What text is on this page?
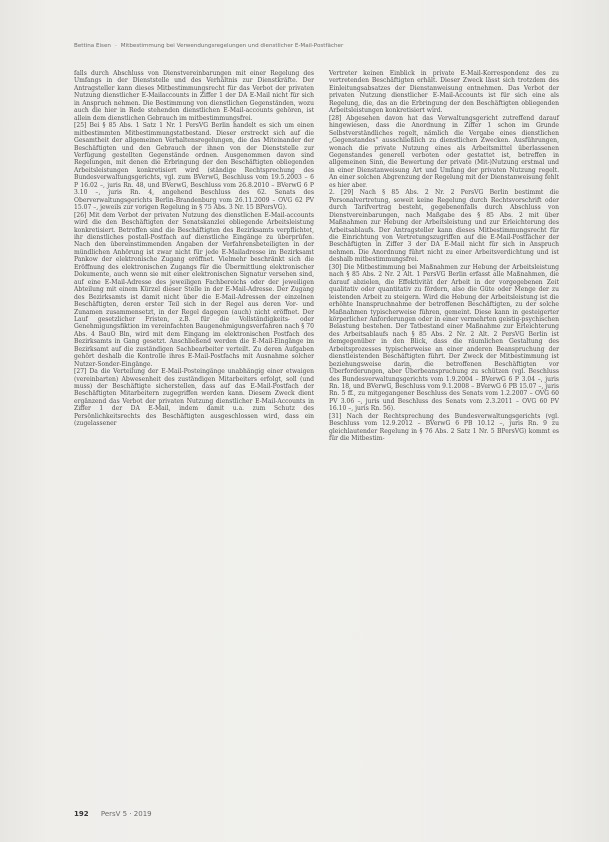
Bettina Eisen · Mitbestimmung bei Verwendungsregelungen und dienstlicher E-Mail-Postfächer

falls durch Abschluss von Dienstvereinbarungen mit einer Regelung des Umfangs in der Dienststelle und des Verhältnis zur Dienstkräfte. Der Antragsteller kann dieses Mitbestimmungsrecht für das Verbot der privaten Nutzung dienstlicher E-Mailaccounts in Ziffer 1 der DA E-Mail nicht für sich in Anspruch nehmen. Die Bestimmung von dienstlichen Gegenständen, wozu auch die hier in Rede stehenden dienstlichen E-Mail-accounts gehören, ist allein dem dienstlichen Gebrauch im mitbestimmungsfrei.

[25] Bei § 85 Abs. 1 Satz 1 Nr. 1 PersVG Berlin handelt es sich um einen mitbestimmten Mitbestimmungstatbestand. Dieser erstreckt sich auf die Gesamtheit der allgemeinen Verhaltensregelungen, die das Miteinander der Beschäftigten und den Gebrauch der ihnen von der Dienststelle zur Verfügung gestellten Gegenstände ordnen. Ausgenommen davon sind Regelungen, mit denen die Erbringung der den Beschäftigten obliegenden Arbeitsleistungen konkretisiert wird (ständige Rechtsprechung des Bundesverwaltungsgerichts, vgl. zum BVerwG, Beschluss vom 19.5.2003 – 6 P 16.02 –, juris Rn. 48, und BVerwG, Beschluss vom 26.8.2010 – BVerwG 6 P 3.10 –, juris Rn. 4, angehend Beschluss des 62. Senats des Oberverwaltungsgerichts Berlin-Brandenburg vom 26.11.2009 – OVG 62 PV 15.07 –, jeweils zur vorigen Regelung in § 75 Abs. 3 Nr. 15 BPersVG).

[26] Mit dem Verbot der privaten Nutzung des dienstlichen E-Mail-accounts wird die den Beschäftigten der Senatskanzlei obliegende Arbeitsleistung konkretisiert. Betroffen sind die Beschäftigten des Bezirksamts verpflichtet, ihr dienstliches postall-Postfach auf dienstliche Eingänge zu überprüfen. Nach den übereinstimmenden Angaben der Verfahrensbeteiligten in der mündlichen Anhörung ist zwar nicht für jede E-Mailadresse im Bezirksamt Pankow der elektronische Zugang eröffnet. Vielmehr beschränkt sich die Eröffnung des elektronischen Zugangs für die Übermittlung elektronischer Dokumente, auch wenn sie mit einer elektronischen Signatur versehen sind, auf eine E-Mail-Adresse des jeweiligen Fachbereichs oder der jeweiligen Abteilung mit einem Kürzel dieser Stelle in der E-Mail-Adresse. Der Zugang des Bezirksamts ist damit nicht über die E-Mail-Adressen der einzelnen Beschäftigten, deren erster Teil sich in der Regel aus deren Vor- und Zunamen zusammensetzt, in der Regel dagegen (auch) nicht eröffnet. Der Lauf gesetzlicher Fristen, z.B. für die Vollständigkeits- oder Genehmigungsfiktion im vereinfachten Baugenehmigungsverfahren nach § 70 Abs. 4 BauO Bln, wird mit dem Eingang im elektronischen Postfach des Bezirksamts in Gang gesetzt. Anschließend werden die E-Mail-Eingänge im Bezirksamt auf die zuständigen Sachbearbeiter verteilt. Zu deren Aufgaben gehört deshalb die Kontrolle ihres E-Mail-Postfachs mit Ausnahme solcher Nutzer-Sonder-Eingänge.

[27] Da die Verteilung der E-Mail-Posteingänge unabhängig einer etwaigen (vereinbarten) Abwesenheit des zuständigen Mitarbeiters erfolgt, soll (und muss) der Beschäftigte sicherstellen, dass auf das E-Mail-Postfach der Beschäftigten Mitarbeitern zugegriffen werden kann. Diesem Zweck dient ergänzend das Verbot der privaten Nutzung dienstlicher E-Mail-Accounts in Ziffer 1 der DA E-Mail, indem damit u.a. zum Schutz des Persönlichkeitsrechts des Beschäftigten ausgeschlossen wird, dass ein (zugelassener

Vertreter keinen Einblick in private E-Mail-Korrespondenz des zu vertretenden Beschäftigten erhält. Dieser Zweck lässt sich trotzdem des Einleitungsabsatzes der Dienstanweisung entnehmen. Das Verbot der privaten Nutzung dienstlicher E-Mail-Accounts ist für sich eine als Regelung, die, das an die Erbringung der den Beschäftigten obliegenden Arbeitsleistungen konkretisiert wird.

[28] Abgesehen davon hat das Verwaltungsgericht zutreffend darauf hingewiesen, dass die Anordnung in Ziffer 1 schon im Grunde Selbstverständliches regelt, nämlich die Vergabe eines dienstlichen „Gegenstandes“ ausschließlich zu dienstlichen Zwecken. Ausführungen, wonach die private Nutzung eines als Arbeitsmittel überlassenen Gegenstandes generell verboten oder gestattet ist, betreffen in allgemeinen Sinn, die Bewertung der private (Mit-)Nutzung erstmal und in einer Dienstanweisung Art und Umfang der privaten Nutzung regelt. An einer solchen Abgrenzung der Regelung mit der Dienstanweisung fehlt es hier aber.

2. [29] Nach § 85 Abs. 2 Nr. 2 PersVG Berlin bestimmt die Personalvertretung, soweit keine Regelung durch Rechtsvorschrift oder durch Tarifvertrag besteht, gegebenenfalls durch Abschluss von Dienstvereinbarungen, nach Maßgabe des § 85 Abs. 2 mit über Maßnahmen zur Hebung der Arbeitsleistung und zur Erleichterung des Arbeitsablaufs. Der Antragsteller kann dieses Mitbestimmungsrecht für die Einrichtung von Vertretungszugriffen auf die E-Mail-Postfächer der Beschäftigten in Ziffer 3 der DA E-Mail nicht für sich in Anspruch nehmen. Die Anordnung führt nicht zu einer Arbeitsverdichtung und ist deshalb mitbestimmungsfrei.

[30] Die Mitbestimmung bei Maßnahmen zur Hebung der Arbeitsleistung nach § 85 Abs. 2 Nr. 2 Alt. 1 PersVG Berlin erfasst alle Maßnahmen, die darauf abzielen, die Effektivität der Arbeit in der vorgegebenen Zeit qualitativ oder quantitativ zu fördern, also die Güte oder Menge der zu leistenden Arbeit zu steigern. Wird die Hebung der Arbeitsleistung ist die erhöhte Inanspruchnahme der betroffenen Beschäftigten, zu der solche Maßnahmen typischerweise führen, gemeint. Diese kann in gesteigerter körperlicher Anforderungen oder in einer vermehrten geistig-psychischen Belastung bestehen. Der Tatbestand einer Maßnahme zur Erleichterung des Arbeitsablaufs nach § 85 Abs. 2 Nr. 2 Alt. 2 PersVG Berlin ist demgegenüber in den Blick, dass die räumlichen Gestaltung des Arbeitsprozesses typischerweise an einer anderen Beanspruchung der dienstleistenden Beschäftigten führt. Der Zweck der Mitbestimmung ist beziehungsweise darin, die betroffenen Beschäftigten vor Überforderungen, aber Überbeanspruchung zu schützen (vgl. Beschluss des Bundesverwaltungsgerichts vom 1.9.2004 – BVerwG 6 P 3.04 –, juris Rn. 18, und BVerwG, Beschluss vom 9.1.2008 – BVerwG 6 PB 15.07 –, juris Rn. 5 ff., zu mitgegangener Beschluss des Senats vom 1.2.2007 – OVG 60 PV 3.06 –, juris und Beschluss des Senats vom 2.3.2011 – OVG 60 PV 16.10 –, juris Rn. 56).

[31] Nach der Rechtsprechung des Bundesverwaltungsgerichts (vgl. Beschluss vom 12.9.2012 – BVerwG 6 PB 10.12 –, juris Rn. 9 zu gleichlautender Regelung in § 76 Abs. 2 Satz 1 Nr. 5 BPersVG) kommt es für die Mitbestim-

192 PersV 5 · 2019
